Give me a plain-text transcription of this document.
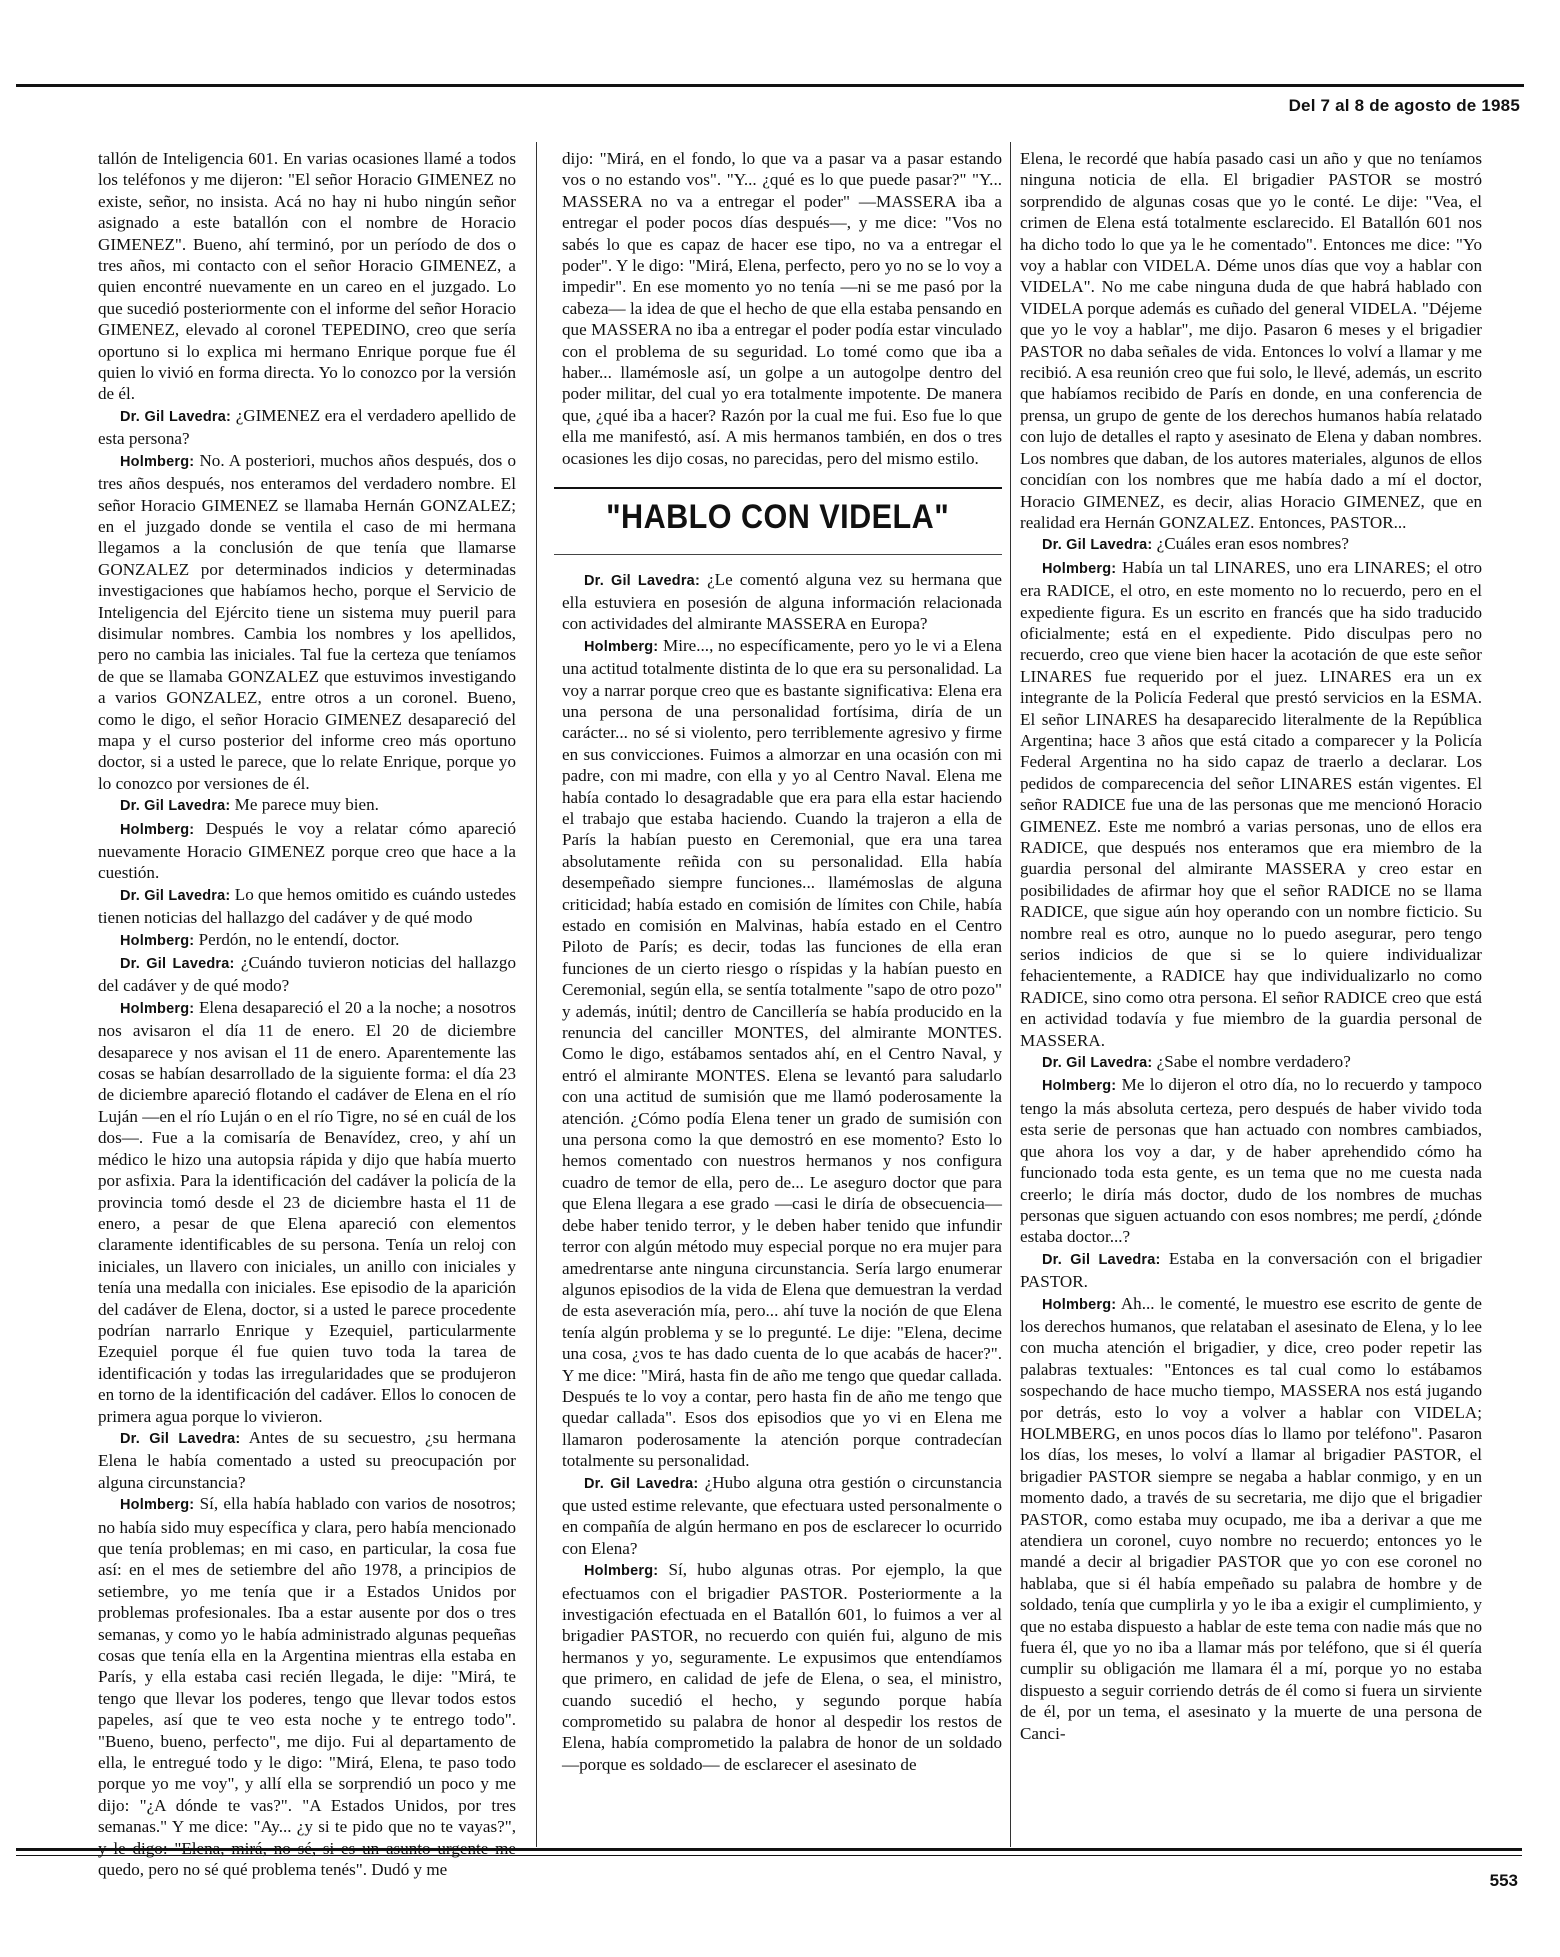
Del 7 al 8 de agosto de 1985

tallón de Inteligencia 601. En varias ocasiones llamé a todos los teléfonos y me dijeron: "El señor Horacio GIMENEZ no existe, señor, no insista. Acá no hay ni hubo ningún señor asignado a este batallón con el nombre de Horacio GIMENEZ". Bueno, ahí terminó, por un período de dos o tres años, mi contacto con el señor Horacio GIMENEZ, a quien encontré nuevamente en un careo en el juzgado. Lo que sucedió posteriormente con el informe del señor Horacio GIMENEZ, elevado al coronel TEPEDINO, creo que sería oportuno si lo explica mi hermano Enrique porque fue él quien lo vivió en forma directa. Yo lo conozco por la versión de él.

Dr. Gil Lavedra: ¿GIMENEZ era el verdadero apellido de esta persona?

Holmberg: No. A posteriori, muchos años después, dos o tres años después, nos enteramos del verdadero nombre. El señor Horacio GIMENEZ se llamaba Hernán GONZALEZ; en el juzgado donde se ventila el caso de mi hermana llegamos a la conclusión de que tenía que llamarse GONZALEZ por determinados indicios y determinadas investigaciones que habíamos hecho, porque el Servicio de Inteligencia del Ejército tiene un sistema muy pueril para disimular nombres. Cambia los nombres y los apellidos, pero no cambia las iniciales. Tal fue la certeza que teníamos de que se llamaba GONZALEZ que estuvimos investigando a varios GONZALEZ, entre otros a un coronel. Bueno, como le digo, el señor Horacio GIMENEZ desapareció del mapa y el curso posterior del informe creo más oportuno doctor, si a usted le parece, que lo relate Enrique, porque yo lo conozco por versiones de él.

Dr. Gil Lavedra: Me parece muy bien.

Holmberg: Después le voy a relatar cómo apareció nuevamente Horacio GIMENEZ porque creo que hace a la cuestión.

Dr. Gil Lavedra: Lo que hemos omitido es cuándo ustedes tienen noticias del hallazgo del cadáver y de qué modo

Holmberg: Perdón, no le entendí, doctor.

Dr. Gil Lavedra: ¿Cuándo tuvieron noticias del hallazgo del cadáver y de qué modo?

Holmberg: Elena desapareció el 20 a la noche; a nosotros nos avisaron el día 11 de enero. El 20 de diciembre desaparece y nos avisan el 11 de enero. Aparentemente las cosas se habían desarrollado de la siguiente forma: el día 23 de diciembre apareció flotando el cadáver de Elena en el río Luján —en el río Luján o en el río Tigre, no sé en cuál de los dos—. Fue a la comisaría de Benavídez, creo, y ahí un médico le hizo una autopsia rápida y dijo que había muerto por asfixia. Para la identificación del cadáver la policía de la provincia tomó desde el 23 de diciembre hasta el 11 de enero, a pesar de que Elena apareció con elementos claramente identificables de su persona. Tenía un reloj con iniciales, un llavero con iniciales, un anillo con iniciales y tenía una medalla con iniciales. Ese episodio de la aparición del cadáver de Elena, doctor, si a usted le parece procedente podrían narrarlo Enrique y Ezequiel, particularmente Ezequiel porque él fue quien tuvo toda la tarea de identificación y todas las irregularidades que se produjeron en torno de la identificación del cadáver. Ellos lo conocen de primera agua porque lo vivieron.

Dr. Gil Lavedra: Antes de su secuestro, ¿su hermana Elena le había comentado a usted su preocupación por alguna circunstancia?

Holmberg: Sí, ella había hablado con varios de nosotros; no había sido muy específica y clara, pero había mencionado que tenía problemas; en mi caso, en particular, la cosa fue así: en el mes de setiembre del año 1978, a principios de setiembre, yo me tenía que ir a Estados Unidos por problemas profesionales. Iba a estar ausente por dos o tres semanas, y como yo le había administrado algunas pequeñas cosas que tenía ella en la Argentina mientras ella estaba en París, y ella estaba casi recién llegada, le dije: "Mirá, te tengo que llevar los poderes, tengo que llevar todos estos papeles, así que te veo esta noche y te entrego todo". "Bueno, bueno, perfecto", me dijo. Fui al departamento de ella, le entregué todo y le digo: "Mirá, Elena, te paso todo porque yo me voy", y allí ella se sorprendió un poco y me dijo: "¿A dónde te vas?". "A Estados Unidos, por tres semanas." Y me dice: "Ay... ¿y si te pido que no te vayas?", quedo, pero no sé qué problema tenés". Dudó y me

dijo: "Mirá, en el fondo, lo que va a pasar va a pasar estando vos o no estando vos". "Y... ¿qué es lo que puede pasar?" "Y... MASSERA no va a entregar el poder" —MASSERA iba a entregar el poder pocos días después—, y me dice: "Vos no sabés lo que es capaz de hacer ese tipo, no va a entregar el poder". Y le digo: "Mirá, Elena, perfecto, pero yo no se lo voy a impedir". En ese momento yo no tenía —ni se me pasó por la cabeza— la idea de que el hecho de que ella estaba pensando en que MASSERA no iba a entregar el poder podía estar vinculado con el problema de su seguridad. Lo tomé como que iba a haber... llamémosle así, un golpe a un autogolpe dentro del poder militar, del cual yo era totalmente impotente. De manera que, ¿qué iba a hacer? Razón por la cual me fui. Eso fue lo que ella me manifestó, así. A mis hermanos también, en dos o tres ocasiones les dijo cosas, no parecidas, pero del mismo estilo.

"HABLO CON VIDELA"

Dr. Gil Lavedra: ¿Le comentó alguna vez su hermana que ella estuviera en posesión de alguna información relacionada con actividades del almirante MASSERA en Europa?

Holmberg: Mire..., no específicamente, pero yo le vi a Elena una actitud totalmente distinta de lo que era su personalidad. La voy a narrar porque creo que es bastante significativa: Elena era una persona de una personalidad fortísima, diría de un carácter... no sé si violento, pero terriblemente agresivo y firme en sus convicciones. Fuimos a almorzar en una ocasión con mi padre, con mi madre, con ella y yo al Centro Naval. Elena me había contado lo desagradable que era para ella estar haciendo el trabajo que estaba haciendo. Cuando la trajeron a ella de París la habían puesto en Ceremonial, que era una tarea absolutamente reñida con su personalidad. Ella había desempeñado siempre funciones... llamémoslas de alguna criticidad; había estado en comisión de límites con Chile, había estado en comisión en Malvinas, había estado en el Centro Piloto de París; es decir, todas las funciones de ella eran funciones de un cierto riesgo o ríspidas y la habían puesto en Ceremonial, según ella, se sentía totalmente "sapo de otro pozo" y además, inútil; dentro de Cancillería se había producido en la renuncia del canciller MONTES, del almirante MONTES. Como le digo, estábamos sentados ahí, en el Centro Naval, y entró el almirante MONTES. Elena se levantó para saludarlo con una actitud de sumisión que me llamó poderosamente la atención. ¿Cómo podía Elena tener un grado de sumisión con una persona como la que demostró en ese momento? Esto lo hemos comentado con nuestros hermanos y nos configura cuadro de temor de ella, pero de... Le aseguro doctor que para que Elena llegara a ese grado —casi le diría de obsecuencia— debe haber tenido terror, y le deben haber tenido que infundir terror con algún método muy especial porque no era mujer para amedrentarse ante ninguna circunstancia. Sería largo enumerar algunos episodios de la vida de Elena que demuestran la verdad de esta aseveración mía, pero... ahí tuve la noción de que Elena tenía algún problema y se lo pregunté. Le dije: "Elena, decime una cosa, ¿vos te has dado cuenta de lo que acabás de hacer?". Y me dice: "Mirá, hasta fin de año me tengo que quedar callada. Después te lo voy a contar, pero hasta fin de año me tengo que quedar callada". Esos dos episodios que yo vi en Elena me llamaron poderosamente la atención porque contradecían totalmente su personalidad.

Dr. Gil Lavedra: ¿Hubo alguna otra gestión o circunstancia que usted estime relevante, que efectuara usted personalmente o en compañía de algún hermano en pos de esclarecer lo ocurrido con Elena?

Holmberg: Sí, hubo algunas otras. Por ejemplo, la que efectuamos con el brigadier PASTOR. Posteriormente a la investigación efectuada en el Batallón 601, lo fuimos a ver al brigadier PASTOR, no recuerdo con quién fui, alguno de mis hermanos y yo, seguramente. Le expusimos que entendíamos que primero, en calidad de jefe de Elena, o sea, el ministro, cuando sucedió el hecho, y segundo porque había comprometido su palabra de honor al despedir los restos de Elena, había comprometido la palabra de honor de un soldado —porque es soldado— de esclarecer el asesinato de

Elena, le recordé que había pasado casi un año y que no teníamos ninguna noticia de ella. El brigadier PASTOR se mostró sorprendido de algunas cosas que yo le conté. Le dije: "Vea, el crimen de Elena está totalmente esclarecido. El Batallón 601 nos ha dicho todo lo que ya le he comentado". Entonces me dice: "Yo voy a hablar con VIDELA. Déme unos días que voy a hablar con VIDELA". No me cabe ninguna duda de que habrá hablado con VIDELA porque además es cuñado del general VIDELA. "Déjeme que yo le voy a hablar", me dijo. Pasaron 6 meses y el brigadier PASTOR no daba señales de vida. Entonces lo volví a llamar y me recibió. A esa reunión creo que fui solo, le llevé, además, un escrito que habíamos recibido de París en donde, en una conferencia de prensa, un grupo de gente de los derechos humanos había relatado con lujo de detalles el rapto y asesinato de Elena y daban nombres. Los nombres que daban, de los autores materiales, algunos de ellos concidían con los nombres que me había dado a mí el doctor, Horacio GIMENEZ, es decir, alias Horacio GIMENEZ, que en realidad era Hernán GONZALEZ. Entonces, PASTOR...

Dr. Gil Lavedra: ¿Cuáles eran esos nombres?

Holmberg: Había un tal LINARES, uno era LINARES; el otro era RADICE, el otro, en este momento no lo recuerdo, pero en el expediente figura. Es un escrito en francés que ha sido traducido oficialmente; está en el expediente. Pido disculpas pero no recuerdo, creo que viene bien hacer la acotación de que este señor LINARES fue requerido por el juez. LINARES era un ex integrante de la Policía Federal que prestó servicios en la ESMA. El señor LINARES ha desaparecido literalmente de la República Argentina; hace 3 años que está citado a comparecer y la Policía Federal Argentina no ha sido capaz de traerlo a declarar. Los pedidos de comparecencia del señor LINARES están vigentes. El señor RADICE fue una de las personas que me mencionó Horacio GIMENEZ. Este me nombró a varias personas, uno de ellos era RADICE, que después nos enteramos que era miembro de la guardia personal del almirante MASSERA y creo estar en posibilidades de afirmar hoy que el señor RADICE no se llama RADICE, que sigue aún hoy operando con un nombre ficticio. Su nombre real es otro, aunque no lo puedo asegurar, pero tengo serios indicios de que si se lo quiere individualizar fehacientemente, a RADICE hay que individualizarlo no como RADICE, sino como otra persona. El señor RADICE creo que está en actividad todavía y fue miembro de la guardia personal de MASSERA.

Dr. Gil Lavedra: ¿Sabe el nombre verdadero?

Holmberg: Me lo dijeron el otro día, no lo recuerdo y tampoco tengo la más absoluta certeza, pero después de haber vivido toda esta serie de personas que han actuado con nombres cambiados, que ahora los voy a dar, y de haber aprehendido cómo ha funcionado toda esta gente, es un tema que no me cuesta nada creerlo; le diría más doctor, dudo de los nombres de muchas personas que siguen actuando con esos nombres; me perdí, ¿dónde estaba doctor...?

Dr. Gil Lavedra: Estaba en la conversación con el brigadier PASTOR.

Holmberg: Ah... le comenté, le muestro ese escrito de gente de los derechos humanos, que relataban el asesinato de Elena, y lo lee con mucha atención el brigadier, y dice, creo poder repetir las palabras textuales: "Entonces es tal cual como lo estábamos sospechando de hace mucho tiempo, MASSERA nos está jugando por detrás, esto lo voy a volver a hablar con VIDELA; HOLMBERG, en unos pocos días lo llamo por teléfono". Pasaron los días, los meses, lo volví a llamar al brigadier PASTOR, el brigadier PASTOR siempre se negaba a hablar conmigo, y en un momento dado, a través de su secretaria, me dijo que el brigadier PASTOR, como estaba muy ocupado, me iba a derivar a que me atendiera un coronel, cuyo nombre no recuerdo; entonces yo le mandé a decir al brigadier PASTOR que yo con ese coronel no hablaba, que si él había empeñado su palabra de hombre y de soldado, tenía que cumplirla y yo le iba a exigir el cumplimiento, y que no estaba dispuesto a hablar de este tema con nadie más que no fuera él, que yo no iba a llamar más por teléfono, que si él quería cumplir su obligación me llamara él a mí, porque yo no estaba dispuesto a seguir corriendo detrás de él como si fuera un sirviente de él, por un tema, el asesinato y la muerte de una persona de Canci-

553
